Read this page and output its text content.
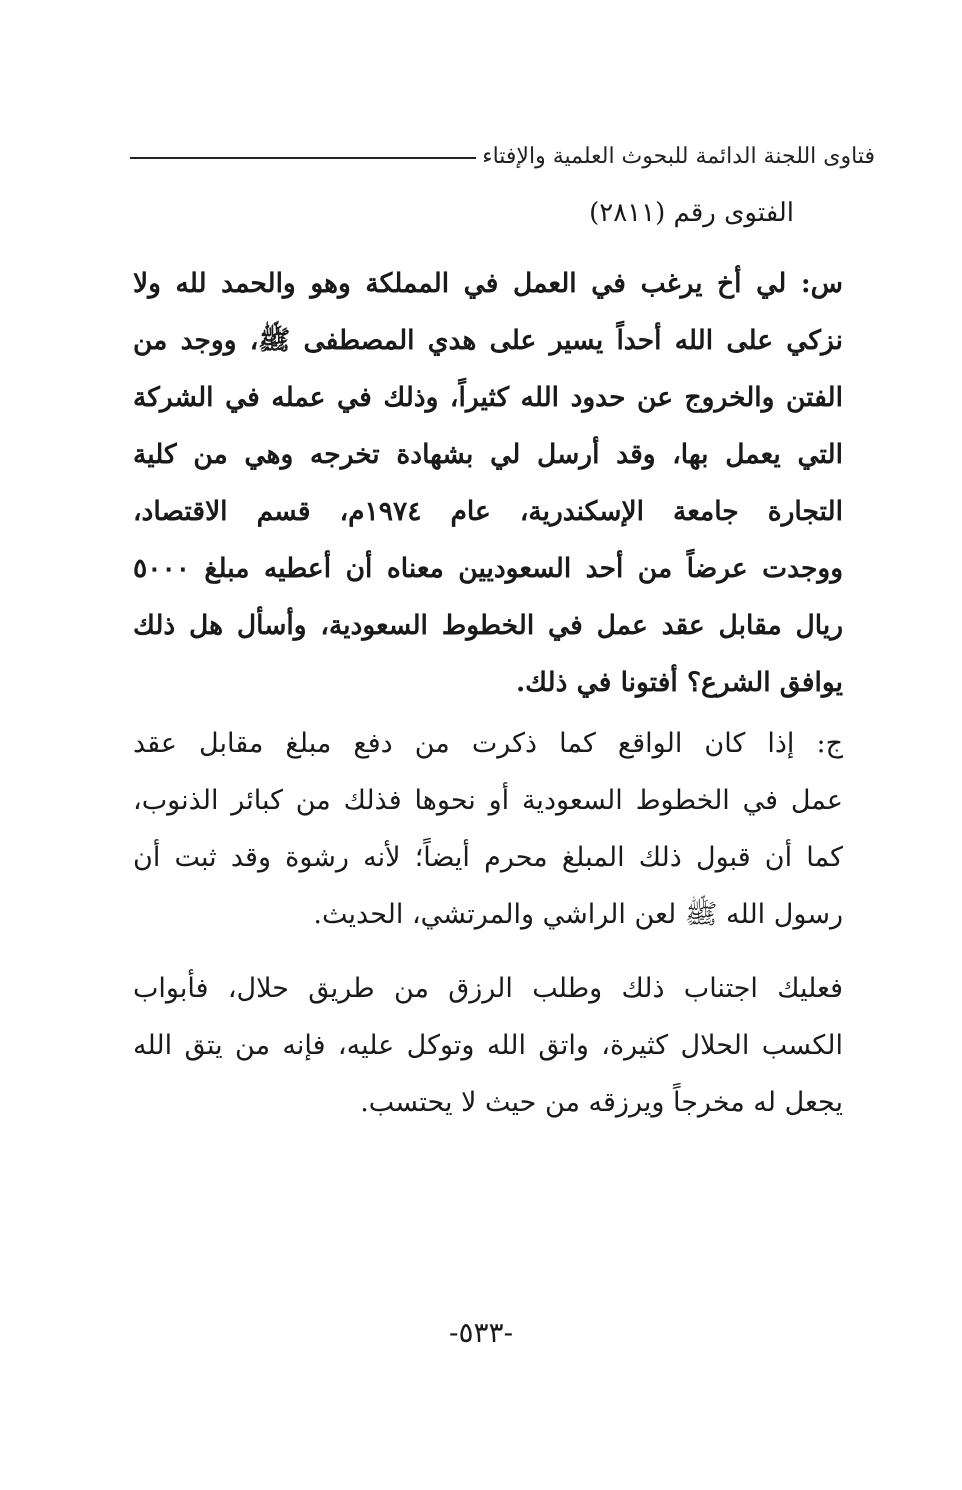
فتاوى اللجنة الدائمة للبحوث العلمية والإفتاء
الفتوى رقم (٢٨١١)
س: لي أخ يرغب في العمل في المملكة وهو والحمد لله ولا
نزكي على الله أحداً يسير على هدي المصطفى ﷺ، ووجد من
الفتن والخروج عن حدود الله كثيراً، وذلك في عمله في الشركة
التي يعمل بها، وقد أرسل لي بشهادة تخرجه وهي من كلية
التجارة جامعة الإسكندرية، عام ١٩٧٤م، قسم الاقتصاد،
ووجدت عرضاً من أحد السعوديين معناه أن أعطيه مبلغ ٥٠٠٠
ريال مقابل عقد عمل في الخطوط السعودية، وأسأل هل ذلك
يوافق الشرع؟ أفتونا في ذلك.
ج: إذا كان الواقع كما ذكرت من دفع مبلغ مقابل عقد
عمل في الخطوط السعودية أو نحوها فذلك من كبائر الذنوب،
كما أن قبول ذلك المبلغ محرم أيضاً؛ لأنه رشوة وقد ثبت أن
رسول الله ﷺ لعن الراشي والمرتشي، الحديث.
فعليك اجتناب ذلك وطلب الرزق من طريق حلال، فأبواب
الكسب الحلال كثيرة، واتق الله وتوكل عليه، فإنه من يتق الله
يجعل له مخرجاً ويرزقه من حيث لا يحتسب.
-٥٣٣-
